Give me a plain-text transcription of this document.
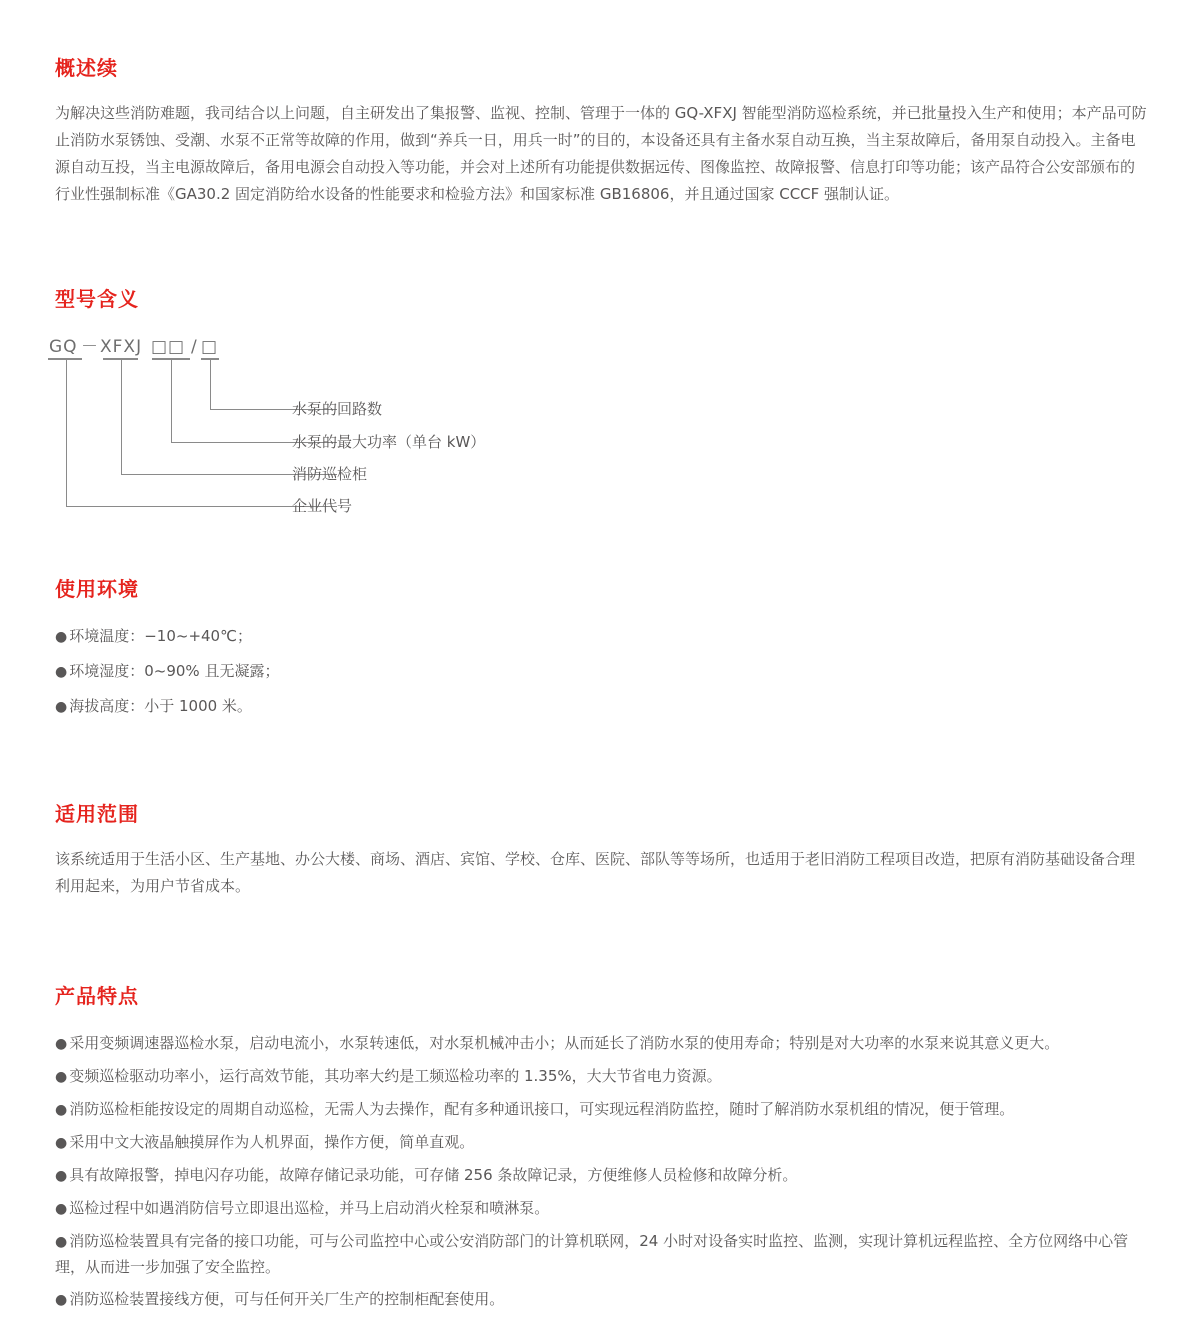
概述续

为解决这些消防难题，我司结合以上问题，自主研发出了集报警、监视、控制、管理于一体的 GQ-XFXJ 智能型消防巡检系统，并已批量投入生产和使用；本产品可防止消防水泵锈蚀、受潮、水泵不正常等故障的作用，做到“养兵一日，用兵一时”的目的，本设备还具有主备水泵自动互换，当主泵故障后，备用泵自动投入。主备电源自动互投，当主电源故障后，备用电源会自动投入等功能，并会对上述所有功能提供数据远传、图像监控、故障报警、信息打印等功能；该产品符合公安部颁布的行业性强制标准《GA30.2 固定消防给水设备的性能要求和检验方法》和国家标准 GB16806，并且通过国家 CCCF 强制认证。

型号含义
GQ － XFXJ □□ / □
水泵的回路数
水泵的最大功率（单台 kW）
消防巡检柜
企业代号
使用环境
● 环境温度：−10~+40℃；
● 环境湿度：0~90% 且无凝露；
● 海拔高度：小于 1000 米。
适用范围

该系统适用于生活小区、生产基地、办公大楼、商场、酒店、宾馆、学校、仓库、医院、部队等等场所，也适用于老旧消防工程项目改造，把原有消防基础设备合理利用起来，为用户节省成本。

产品特点
● 采用变频调速器巡检水泵，启动电流小，水泵转速低，对水泵机械冲击小；从而延长了消防水泵的使用寿命；特别是对大功率的水泵来说其意义更大。
● 变频巡检驱动功率小，运行高效节能，其功率大约是工频巡检功率的 1.35%，大大节省电力资源。
● 消防巡检柜能按设定的周期自动巡检，无需人为去操作，配有多种通讯接口，可实现远程消防监控，随时了解消防水泵机组的情况，便于管理。
● 采用中文大液晶触摸屏作为人机界面，操作方便，简单直观。
● 具有故障报警，掉电闪存功能，故障存储记录功能，可存储 256 条故障记录，方便维修人员检修和故障分析。
● 巡检过程中如遇消防信号立即退出巡检，并马上启动消火栓泵和喷淋泵。
● 消防巡检装置具有完备的接口功能，可与公司监控中心或公安消防部门的计算机联网，24 小时对设备实时监控、监测，实现计算机远程监控、全方位网络中心管理，从而进一步加强了安全监控。
● 消防巡检装置接线方便，可与任何开关厂生产的控制柜配套使用。
